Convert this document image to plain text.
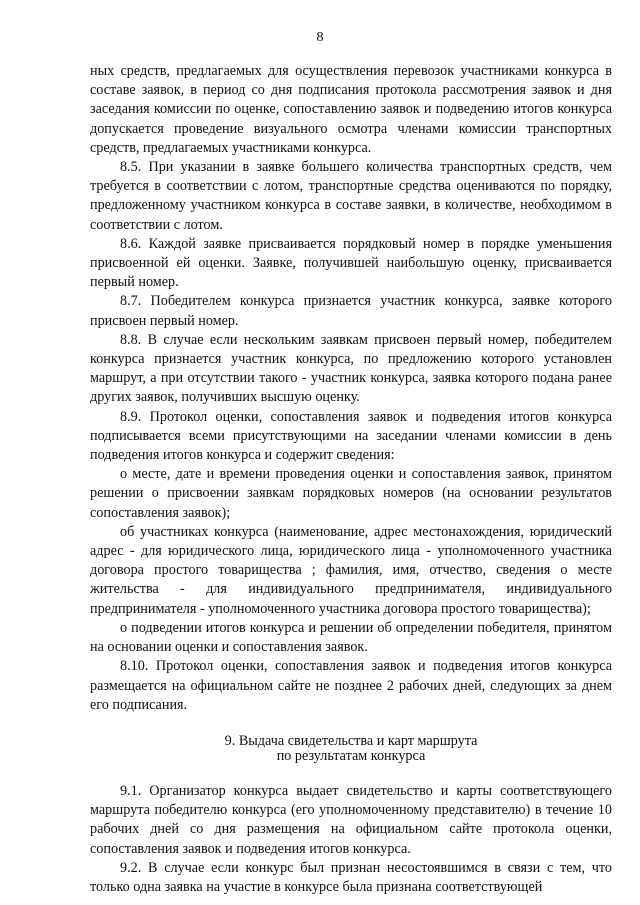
8

ных средств, предлагаемых для осуществления перевозок участниками конкурса в составе заявок, в период со дня подписания протокола рассмотрения заявок и дня заседания комиссии по оценке, сопоставлению заявок и подведению итогов конкурса допускается проведение визуального осмотра членами комиссии транспортных средств, предлагаемых участниками конкурса.

8.5. При указании в заявке большего количества транспортных средств, чем требуется в соответствии с лотом, транспортные средства оцениваются по порядку, предложенному участником конкурса в составе заявки, в количестве, необходимом в соответствии с лотом.

8.6. Каждой заявке присваивается порядковый номер в порядке уменьшения присвоенной ей оценки. Заявке, получившей наибольшую оценку, присваивается первый номер.

8.7. Победителем конкурса признается участник конкурса, заявке которого присвоен первый номер.

8.8. В случае если нескольким заявкам присвоен первый номер, победителем конкурса признается участник конкурса, по предложению которого установлен маршрут, а при отсутствии такого - участник конкурса, заявка которого подана ранее других заявок, получивших высшую оценку.

8.9. Протокол оценки, сопоставления заявок и подведения итогов конкурса подписывается всеми присутствующими на заседании членами комиссии в день подведения итогов конкурса и содержит сведения:

о месте, дате и времени проведения оценки и сопоставления заявок, принятом решении о присвоении заявкам порядковых номеров (на основании результатов сопоставления заявок);

об участниках конкурса (наименование, адрес местонахождения, юридический адрес - для юридического лица, юридического лица - уполномоченного участника договора простого товарищества ; фамилия, имя, отчество, сведения о месте жительства - для индивидуального предпринимателя, индивидуального предпринимателя - уполномоченного участника договора простого товарищества);

о подведении итогов конкурса и решении об определении победителя, принятом на основании оценки и сопоставления заявок.

8.10. Протокол оценки, сопоставления заявок и подведения итогов конкурса размещается на официальном сайте не позднее 2 рабочих дней, следующих за днем его подписания.

9. Выдача свидетельства и карт маршрута
по результатам конкурса

9.1. Организатор конкурса выдает свидетельство и карты соответствующего маршрута победителю конкурса (его уполномоченному представителю) в течение 10 рабочих дней со дня размещения на официальном сайте протокола оценки, сопоставления заявок и подведения итогов конкурса.

9.2. В случае если конкурс был признан несостоявшимся в связи с тем, что только одна заявка на участие в конкурсе была признана соответствующей
